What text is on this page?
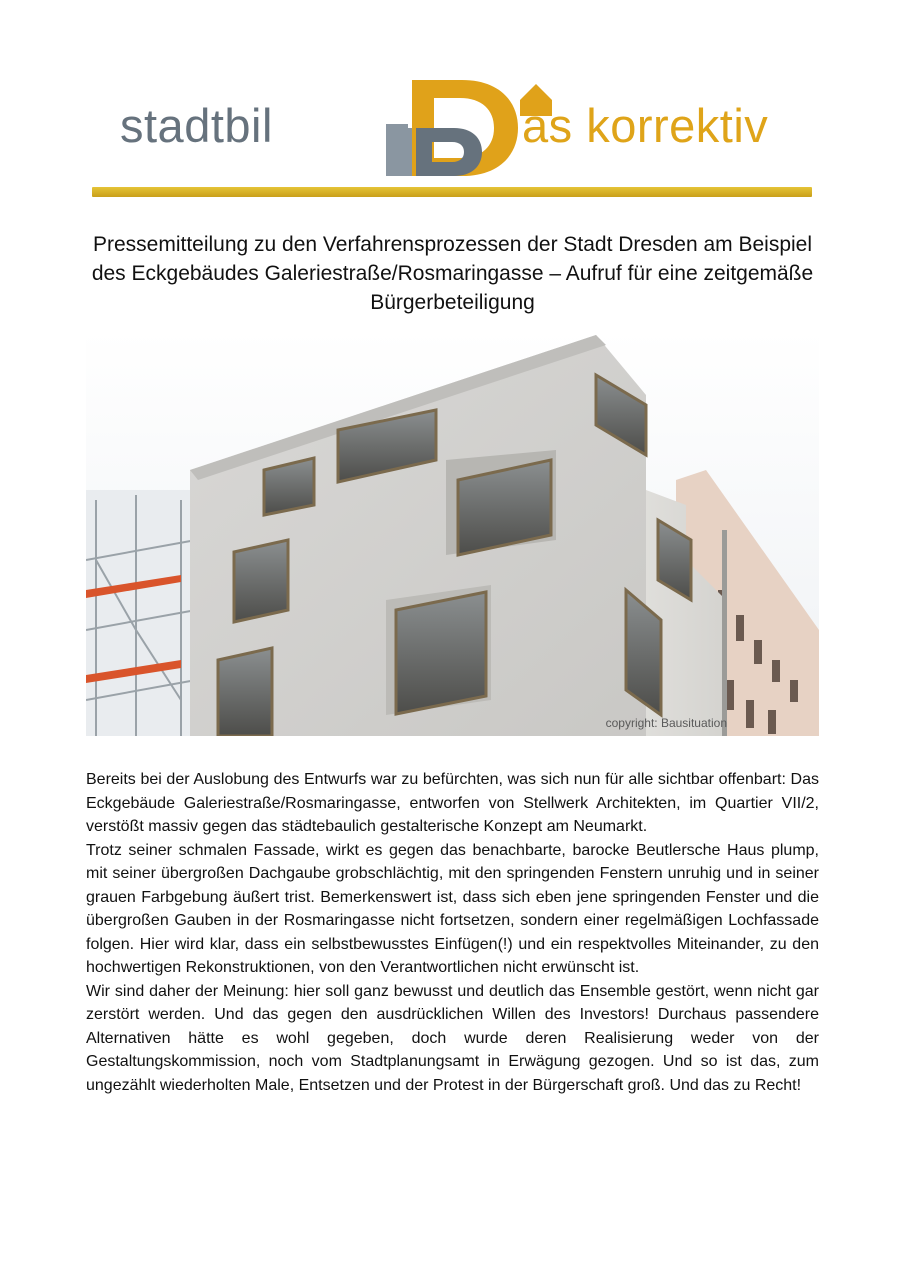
stadtbil	as korrektiv
Pressemitteilung zu den Verfahrensprozessen der Stadt Dresden am Beispiel des Eckgebäudes Galeriestraße/Rosmaringasse – Aufruf für eine zeitgemäße Bürgerbeteiligung
copyright: Bausituation

Bereits bei der Auslobung des Entwurfs war zu befürchten, was sich nun für alle sichtbar offenbart: Das Eckgebäude Galeriestraße/Rosmaringasse, entworfen von Stellwerk Architekten, im Quartier VII/2, verstößt massiv gegen das städtebaulich gestalterische Konzept am Neumarkt.

Trotz seiner schmalen Fassade, wirkt es gegen das benachbarte, barocke Beutlersche Haus plump, mit seiner übergroßen Dachgaube grobschlächtig, mit den springenden Fenstern unruhig und in seiner grauen Farbgebung äußert trist. Bemerkenswert ist, dass sich eben jene springenden Fenster und die übergroßen Gauben in der Rosmaringasse nicht fortsetzen, sondern einer regelmäßigen Lochfassade folgen. Hier wird klar, dass ein selbstbewusstes Einfügen(!) und ein respektvolles Miteinander, zu den hochwertigen Rekonstruktionen, von den Verantwortlichen nicht erwünscht ist.

Wir sind daher der Meinung: hier soll ganz bewusst und deutlich das Ensemble gestört, wenn nicht gar zerstört werden. Und das gegen den ausdrücklichen Willen des Investors! Durchaus passendere Alternativen hätte es wohl gegeben, doch wurde deren Realisierung weder von der Gestaltungskommission, noch vom Stadtplanungsamt in Erwägung gezogen. Und so ist das, zum ungezählt wiederholten Male, Entsetzen und der Protest in der Bürgerschaft groß. Und das zu Recht!
